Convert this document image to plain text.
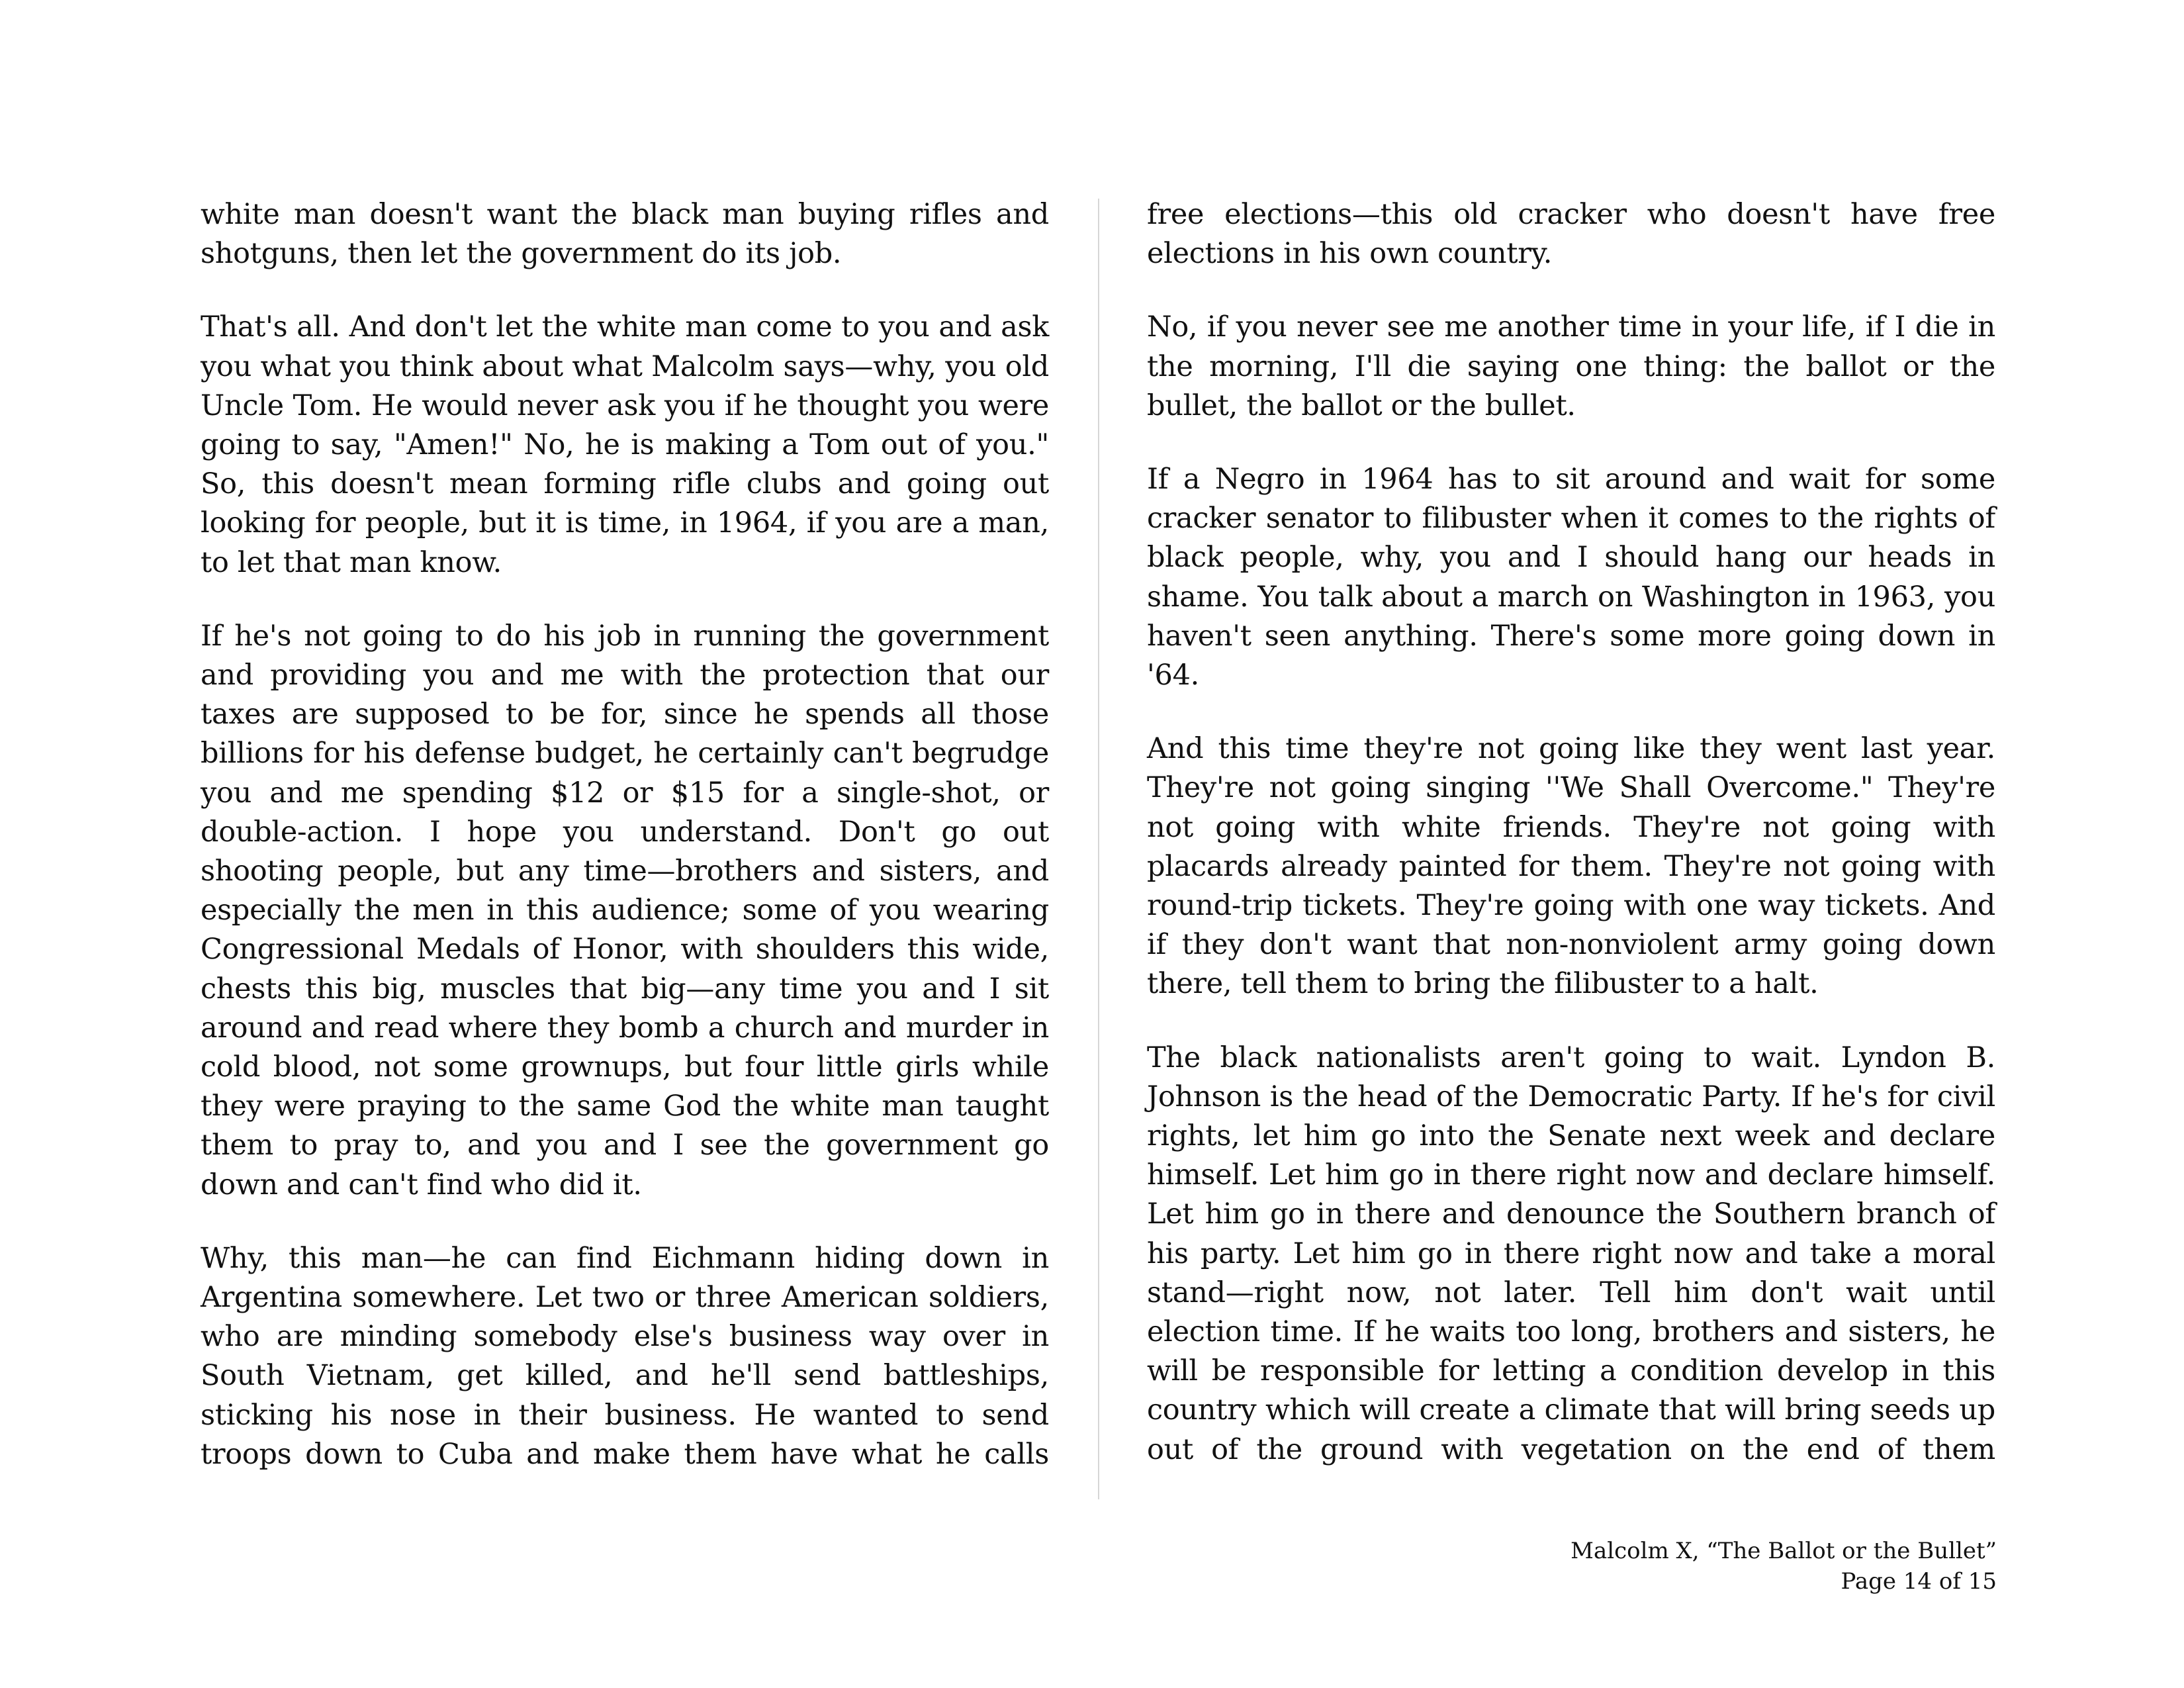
white man doesn't want the black man buying rifles and shotguns, then let the government do its job.

That's all. And don't let the white man come to you and ask you what you think about what Malcolm says—why, you old Uncle Tom. He would never ask you if he thought you were going to say, "Amen!" No, he is making a Tom out of you." So, this doesn't mean forming rifle clubs and going out looking for people, but it is time, in 1964, if you are a man, to let that man know.

If he's not going to do his job in running the government and providing you and me with the protection that our taxes are supposed to be for, since he spends all those billions for his defense budget, he certainly can't begrudge you and me spending $12 or $15 for a single-shot, or double-action. I hope you understand. Don't go out shooting people, but any time—brothers and sisters, and especially the men in this audience; some of you wearing Congressional Medals of Honor, with shoulders this wide, chests this big, muscles that big—any time you and I sit around and read where they bomb a church and murder in cold blood, not some grownups, but four little girls while they were praying to the same God the white man taught them to pray to, and you and I see the government go down and can't find who did it.

Why, this man—he can find Eichmann hiding down in Argentina somewhere. Let two or three American soldiers, who are minding somebody else's business way over in South Vietnam, get killed, and he'll send battleships, sticking his nose in their business. He wanted to send troops down to Cuba and make them have what he calls

free elections—this old cracker who doesn't have free elections in his own country.

No, if you never see me another time in your life, if I die in the morning, I'll die saying one thing: the ballot or the bullet, the ballot or the bullet.

If a Negro in 1964 has to sit around and wait for some cracker senator to filibuster when it comes to the rights of black people, why, you and I should hang our heads in shame. You talk about a march on Washington in 1963, you haven't seen anything. There's some more going down in '64.

And this time they're not going like they went last year. They're not going singing ''We Shall Overcome." They're not going with white friends. They're not going with placards already painted for them. They're not going with round-trip tickets. They're going with one way tickets. And if they don't want that non-nonviolent army going down there, tell them to bring the filibuster to a halt.

The black nationalists aren't going to wait. Lyndon B. Johnson is the head of the Democratic Party. If he's for civil rights, let him go into the Senate next week and declare himself. Let him go in there right now and declare himself. Let him go in there and denounce the Southern branch of his party. Let him go in there right now and take a moral stand—right now, not later. Tell him don't wait until election time. If he waits too long, brothers and sisters, he will be responsible for letting a condition develop in this country which will create a climate that will bring seeds up out of the ground with vegetation on the end of them

Malcolm X, “The Ballot or the Bullet”
Page 14 of 15
